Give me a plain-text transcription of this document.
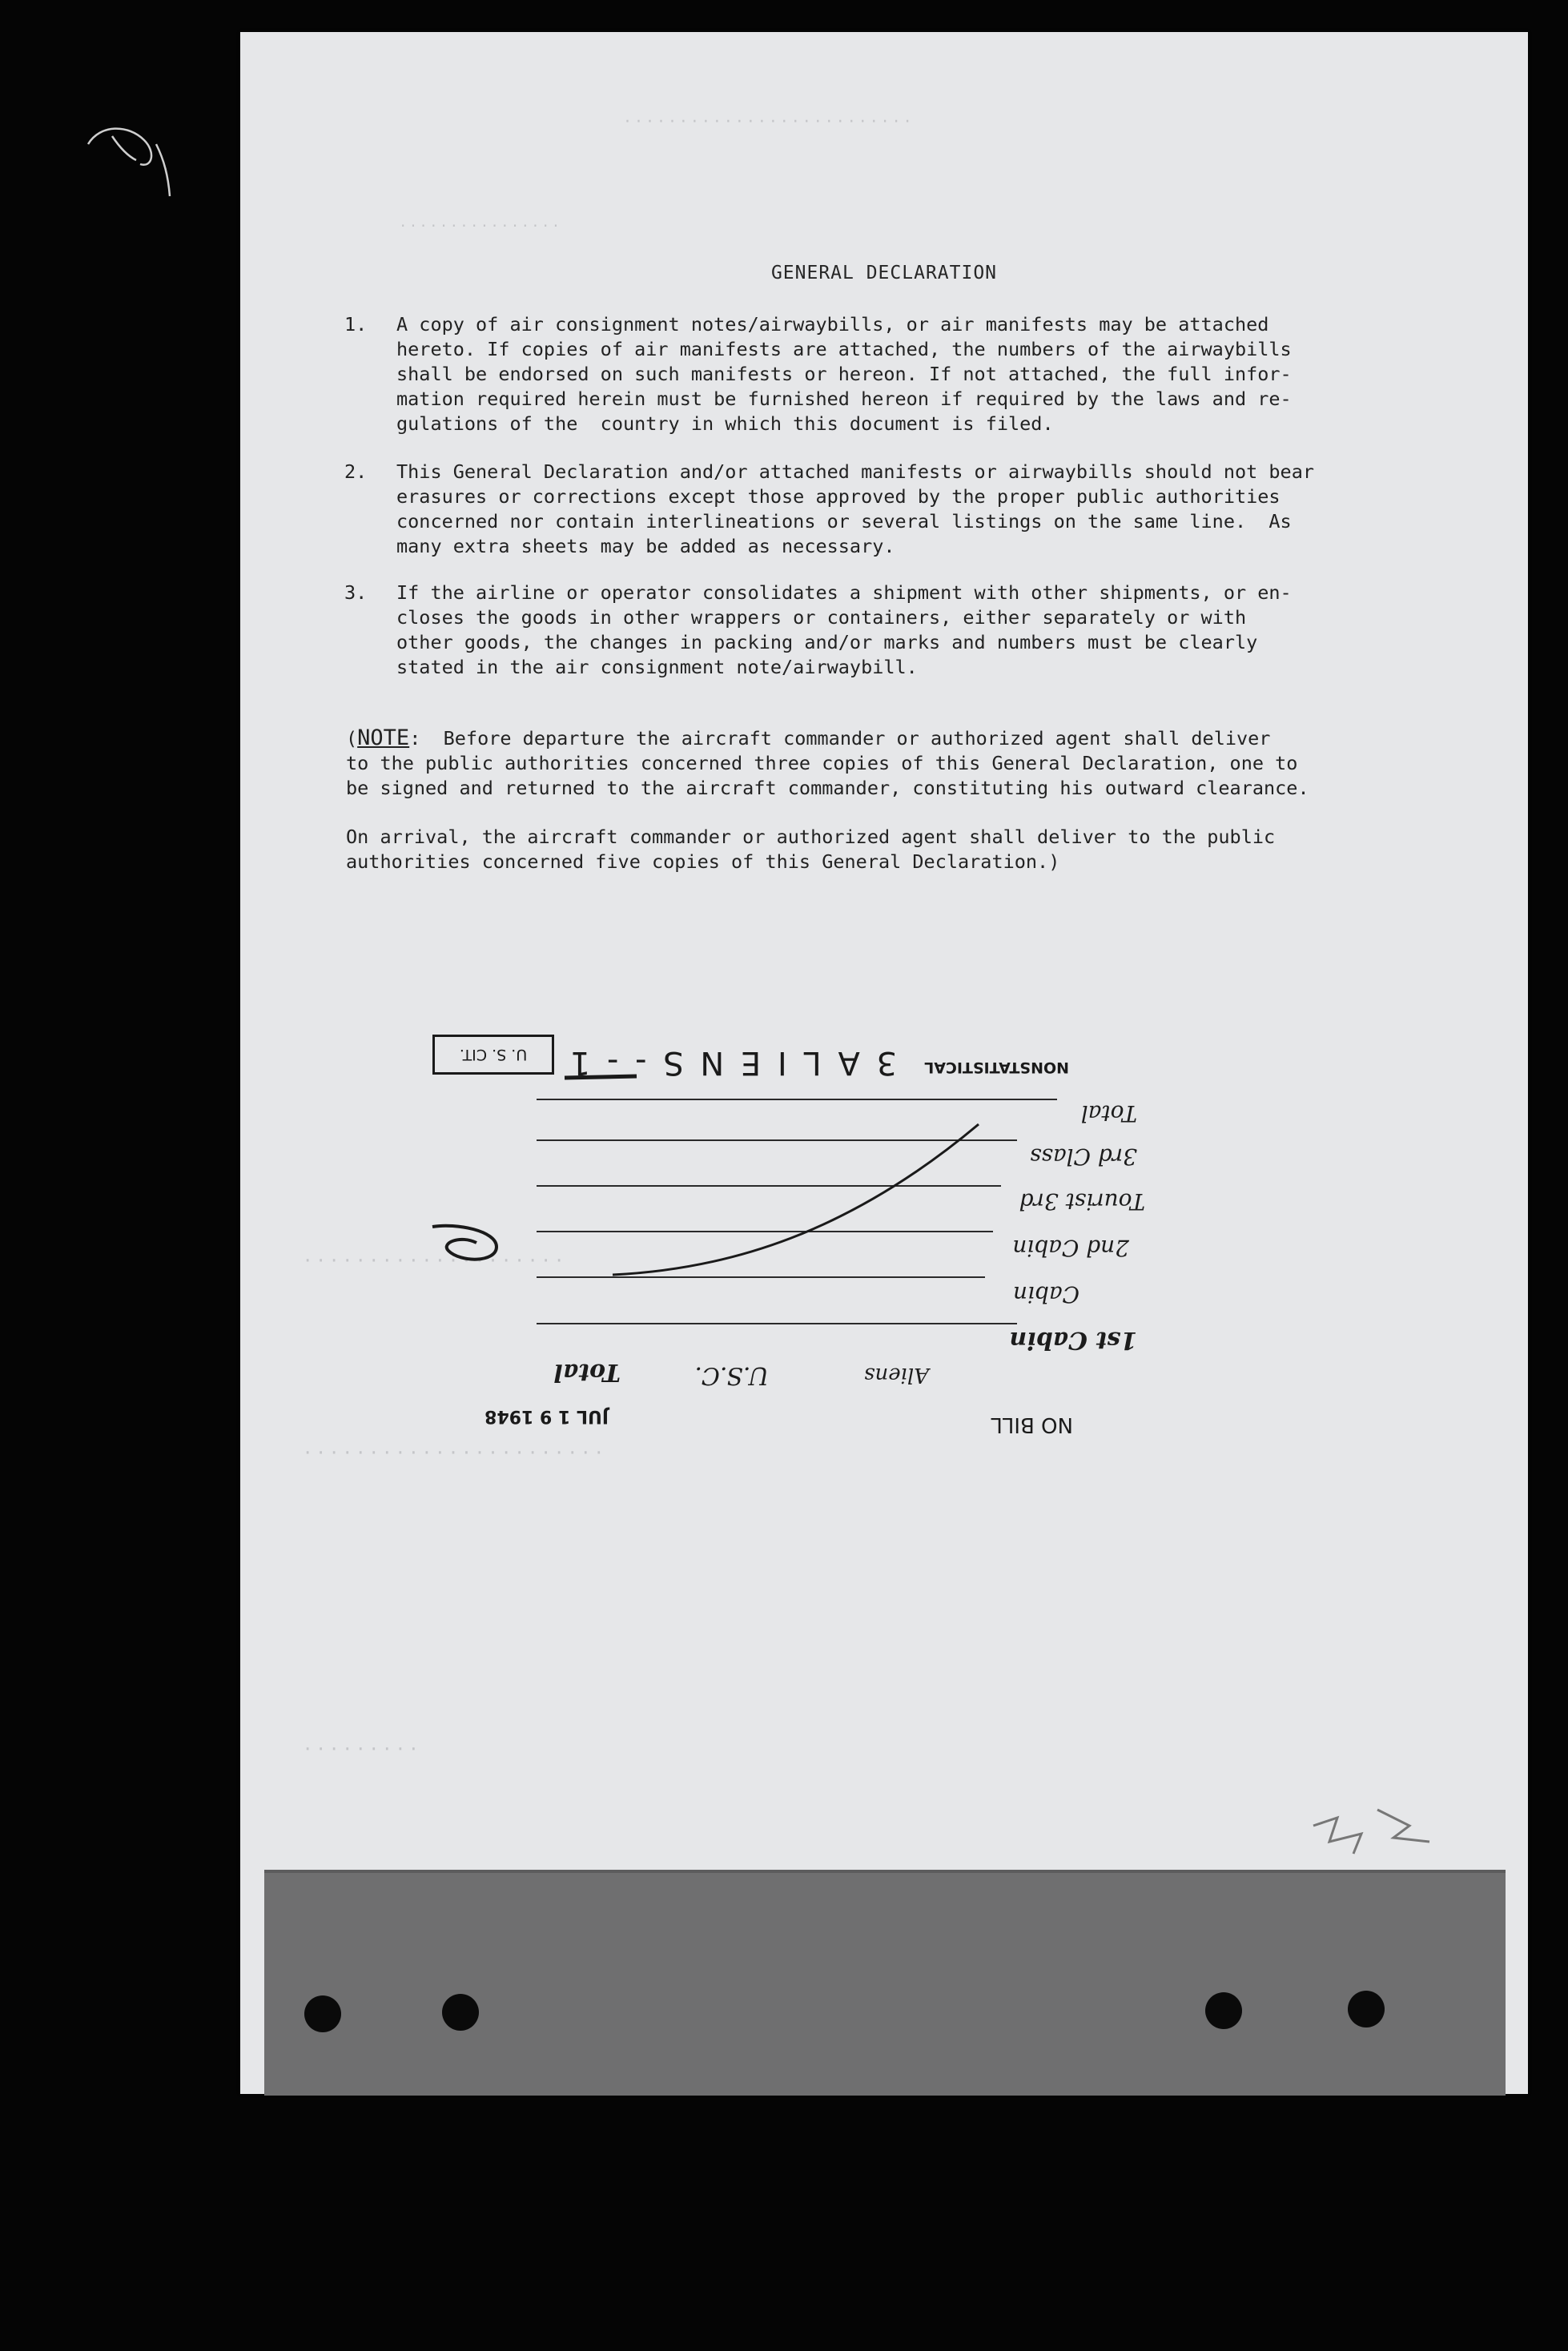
· · · · · · · · · · · · · · · · · · · · · · · · · ·
· · · · · · · · · · · · · · · ·
· · · · · · · · · · · · · · · · · · · ·
· · · · · · · · · · · · · · · · · · · · · · ·
· · · · · · · · ·
GENERAL DECLARATION
1.	A copy of air consignment notes/airwaybills, or air manifests may be attached
hereto. If copies of air manifests are attached, the numbers of the airwaybills
shall be endorsed on such manifests or hereon. If not attached, the full infor-
mation required herein must be furnished hereon if required by the laws and re-
gulations of the  country in which this document is filed.
2.	This General Declaration and/or attached manifests or airwaybills should not bear
erasures or corrections except those approved by the proper public authorities
concerned nor contain interlineations or several listings on the same line.  As
many extra sheets may be added as necessary.
3.	If the airline or operator consolidates a shipment with other shipments, or en-
closes the goods in other wrappers or containers, either separately or with
other goods, the changes in packing and/or marks and numbers must be clearly
stated in the air consignment note/airwaybill.
(NOTE:  Before departure the aircraft commander or authorized agent shall deliver
to the public authorities concerned three copies of this General Declaration, one to
be signed and returned to the aircraft commander, constituting his outward clearance.
On arrival, the aircraft commander or authorized agent shall deliver to the public
authorities concerned five copies of this General Declaration.)
U. S. CIT.	3 A L I E N S - - 1	NONSTATISTICAL
Total
3rd Class
Tourist 3rd
2nd Cabin
Cabin
1st Cabin
Aliens
U.S.C.
Total
JUL 1 9 1948	NO BILL
